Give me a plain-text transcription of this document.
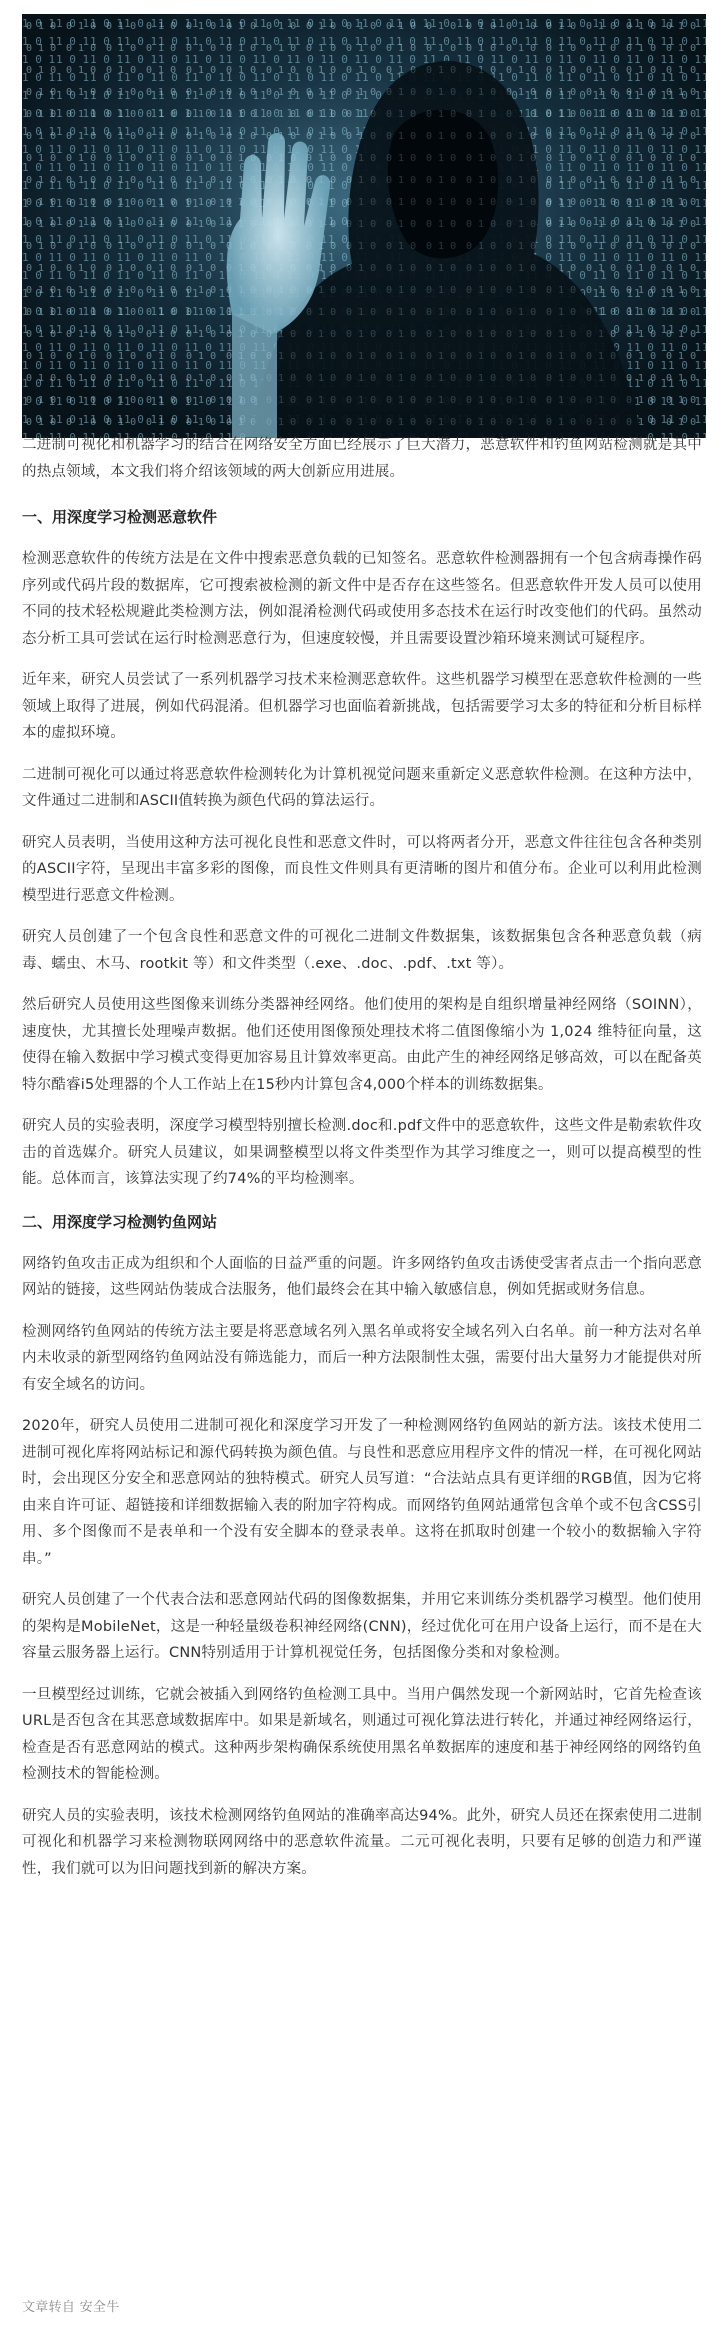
二进制可视化和机器学习的结合在网络安全方面已经展示了巨大潜力，恶意软件和钓鱼网站检测就是其中的热点领域，本文我们将介绍该领域的两大创新应用进展。

一、用深度学习检测恶意软件

检测恶意软件的传统方法是在文件中搜索恶意负载的已知签名。恶意软件检测器拥有一个包含病毒操作码序列或代码片段的数据库，它可搜索被检测的新文件中是否存在这些签名。但恶意软件开发人员可以使用不同的技术轻松规避此类检测方法，例如混淆检测代码或使用多态技术在运行时改变他们的代码。虽然动态分析工具可尝试在运行时检测恶意行为，但速度较慢，并且需要设置沙箱环境来测试可疑程序。

近年来，研究人员尝试了一系列机器学习技术来检测恶意软件。这些机器学习模型在恶意软件检测的一些领域上取得了进展，例如代码混淆。但机器学习也面临着新挑战，包括需要学习太多的特征和分析目标样本的虚拟环境。

二进制可视化可以通过将恶意软件检测转化为计算机视觉问题来重新定义恶意软件检测。在这种方法中，文件通过二进制和ASCII值转换为颜色代码的算法运行。

研究人员表明，当使用这种方法可视化良性和恶意文件时，可以将两者分开，恶意文件往往包含各种类别的ASCII字符，呈现出丰富多彩的图像，而良性文件则具有更清晰的图片和值分布。企业可以利用此检测模型进行恶意文件检测。

研究人员创建了一个包含良性和恶意文件的可视化二进制文件数据集，该数据集包含各种恶意负载（病毒、蠕虫、木马、rootkit 等）和文件类型（.exe、.doc、.pdf、.txt 等）。

然后研究人员使用这些图像来训练分类器神经网络。他们使用的架构是自组织增量神经网络（SOINN），速度快，尤其擅长处理噪声数据。他们还使用图像预处理技术将二值图像缩小为 1,024 维特征向量，这使得在输入数据中学习模式变得更加容易且计算效率更高。由此产生的神经网络足够高效，可以在配备英特尔酷睿i5处理器的个人工作站上在15秒内计算包含4,000个样本的训练数据集。

研究人员的实验表明，深度学习模型特别擅长检测.doc和.pdf文件中的恶意软件，这些文件是勒索软件攻击的首选媒介。研究人员建议，如果调整模型以将文件类型作为其学习维度之一，则可以提高模型的性能。总体而言，该算法实现了约74%的平均检测率。

二、用深度学习检测钓鱼网站

网络钓鱼攻击正成为组织和个人面临的日益严重的问题。许多网络钓鱼攻击诱使受害者点击一个指向恶意网站的链接，这些网站伪装成合法服务，他们最终会在其中输入敏感信息，例如凭据或财务信息。

检测网络钓鱼网站的传统方法主要是将恶意域名列入黑名单或将安全域名列入白名单。前一种方法对名单内未收录的新型网络钓鱼网站没有筛选能力，而后一种方法限制性太强，需要付出大量努力才能提供对所有安全域名的访问。

2020年，研究人员使用二进制可视化和深度学习开发了一种检测网络钓鱼网站的新方法。该技术使用二进制可视化库将网站标记和源代码转换为颜色值。与良性和恶意应用程序文件的情况一样，在可视化网站时，会出现区分安全和恶意网站的独特模式。研究人员写道：“合法站点具有更详细的RGB值，因为它将由来自许可证、超链接和详细数据输入表的附加字符构成。而网络钓鱼网站通常包含单个或不包含CSS引用、多个图像而不是表单和一个没有安全脚本的登录表单。这将在抓取时创建一个较小的数据输入字符串。”

研究人员创建了一个代表合法和恶意网站代码的图像数据集，并用它来训练分类机器学习模型。他们使用的架构是MobileNet，这是一种轻量级卷积神经网络(CNN)，经过优化可在用户设备上运行，而不是在大容量云服务器上运行。CNN特别适用于计算机视觉任务，包括图像分类和对象检测。

一旦模型经过训练，它就会被插入到网络钓鱼检测工具中。当用户偶然发现一个新网站时，它首先检查该URL是否包含在其恶意域数据库中。如果是新域名，则通过可视化算法进行转化，并通过神经网络运行，检查是否有恶意网站的模式。这种两步架构确保系统使用黑名单数据库的速度和基于神经网络的网络钓鱼检测技术的智能检测。

研究人员的实验表明，该技术检测网络钓鱼网站的准确率高达94%。此外，研究人员还在探索使用二进制可视化和机器学习来检测物联网网络中的恶意软件流量。二元可视化表明，只要有足够的创造力和严谨性，我们就可以为旧问题找到新的解决方案。

文章转自 安全牛
